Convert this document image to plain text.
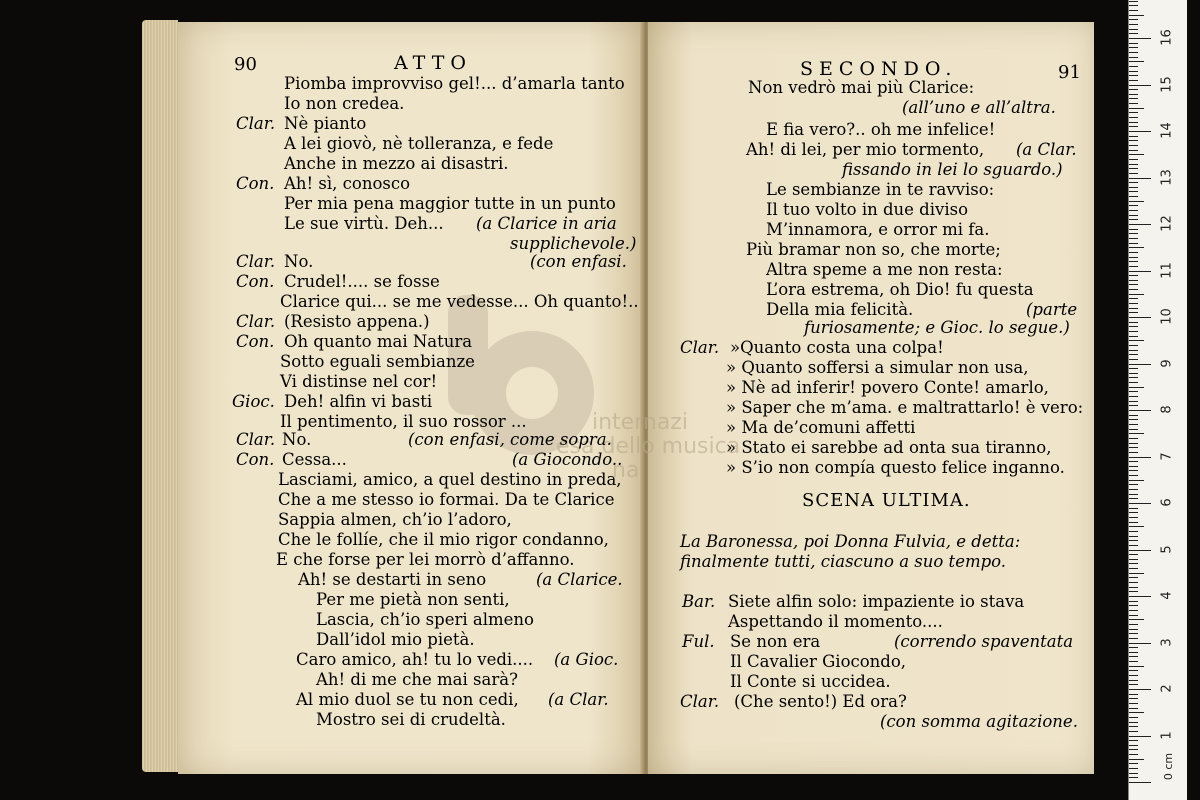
90	ATTO	91
SECONDO.
SCENA ULTIMA.
La Baronessa, poi Donna Fulvia, e detta:
finalmente tutti, ciascuno a suo tempo.
internazi
esà dello musica
na
Piomba improvviso gel!... d’amarla tanto
Io non credea.
Clar. Nè pianto
A lei giovò, nè tolleranza, e fede
Anche in mezzo ai disastri.
Con. Ah! sì, conosco
Per mia pena maggior tutte in un punto
Le sue virtù. Deh...
Clar. No.
Con. Crudel!.... se fosse
Clarice qui... se me vedesse... Oh quanto!..
Clar. (Resisto appena.)
Con. Oh quanto mai Natura
Sotto eguali sembianze
Vi distinse nel cor!
Gioc. Deh! alfin vi basti
Il pentimento, il suo rossor ...
Clar. No.
Con. Cessa...
Lasciami, amico, a quel destino in preda,
Che a me stesso io formai. Da te Clarice
Sappia almen, ch’io l’adoro,
Che le follíe, che il mio rigor condanno,
E che forse per lei morrò d’affanno.
Ah! se destarti in seno
Per me pietà non senti,
Lascia, ch’io speri almeno
Dall’idol mio pietà.
Caro amico, ah! tu lo vedi....
Ah! di me che mai sarà?
Al mio duol se tu non cedi,
Mostro sei di crudeltà.
(a Clarice in aria
supplichevole.)
(con enfasi.
(con enfasi, come sopra.
(a Giocondo..
(a Clarice.
(a Gioc.
(a Clar.
Non vedrò mai più Clarice:
E fia vero?.. oh me infelice!
Ah! di lei, per mio tormento,
Le sembianze in te ravviso:
Il tuo volto in due diviso
M’innamora, e orror mi fa.
Più bramar non so, che morte;
Altra speme a me non resta:
L’ora estrema, oh Dio! fu questa
Della mia felicità.
Clar. »Quanto costa una colpa!
» Quanto soffersi a simular non usa,
» Nè ad inferir! povero Conte! amarlo,
» Saper che m’ama. e maltrattarlo! è vero:
» Ma de’comuni affetti
» Stato ei sarebbe ad onta sua tiranno,
» S’io non compía questo felice inganno.
Bar. Siete alfin solo: impaziente io stava
Aspettando il momento....
Ful. Se non era
Il Cavalier Giocondo,
Il Conte si uccidea.
Clar. (Che sento!) Ed ora?
(all’uno e all’altra.
(a Clar.
fissando in lei lo sguardo.)
(parte
furiosamente; e Gioc. lo segue.)
(correndo spaventata
(con somma agitazione.
0 cm
16
15
14
13
12
11
10
9
8
7
6
5
4
3
2
1
